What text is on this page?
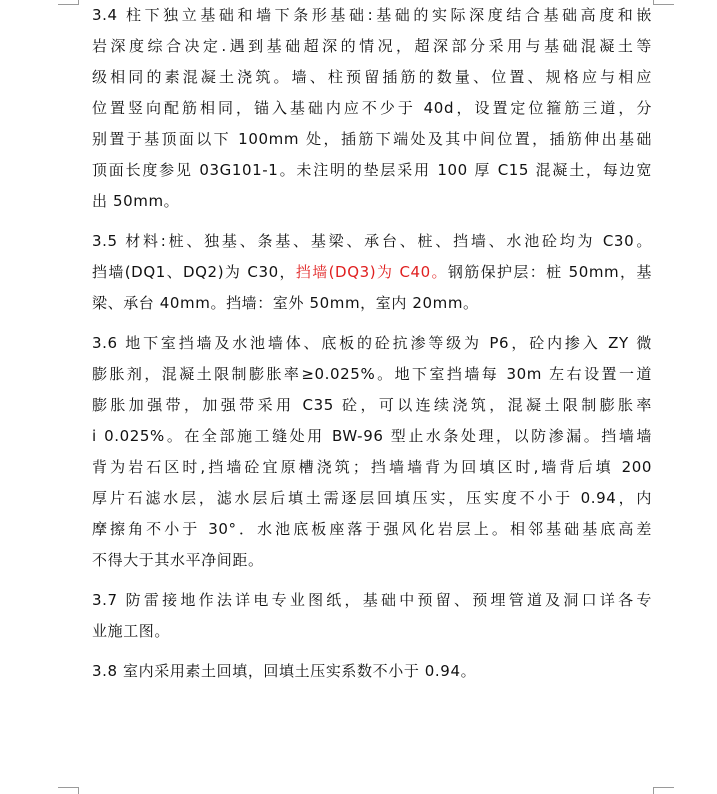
3.4 柱下独立基础和墙下条形基础:基础的实际深度结合基础高度和嵌
岩深度综合决定.遇到基础超深的情况，超深部分采用与基础混凝土等
级相同的素混凝土浇筑。墙、柱预留插筋的数量、位置、规格应与相应
位置竖向配筋相同，锚入基础内应不少于 40d，设置定位箍筋三道，分
别置于基顶面以下 100mm 处，插筋下端处及其中间位置，插筋伸出基础
顶面长度参见 03G101-1。未注明的垫层采用 100 厚 C15 混凝土，每边宽
出 50mm。
3.5 材料:桩、独基、条基、基梁、承台、桩、挡墙、水池砼均为 C30。
挡墙(DQ1、DQ2)为 C30，挡墙(DQ3)为 C40。钢筋保护层：桩 50mm，基
梁、承台 40mm。挡墙：室外 50mm，室内 20mm。
3.6 地下室挡墙及水池墙体、底板的砼抗渗等级为 P6，砼内掺入 ZY 微
膨胀剂，混凝土限制膨胀率≥0.025%。地下室挡墙每 30m 左右设置一道
膨胀加强带，加强带采用 C35 砼，可以连续浇筑，混凝土限制膨胀率
i 0.025%。在全部施工缝处用 BW-96 型止水条处理，以防渗漏。挡墙墙
背为岩石区时,挡墙砼宜原槽浇筑；挡墙墙背为回填区时,墙背后填 200
厚片石滤水层，滤水层后填土需逐层回填压实，压实度不小于 0.94，内
摩擦角不小于 30°．水池底板座落于强风化岩层上。相邻基础基底高差
不得大于其水平净间距。
3.7 防雷接地作法详电专业图纸，基础中预留、预埋管道及洞口详各专
业施工图。
3.8 室内采用素土回填，回填土压实系数不小于 0.94。
